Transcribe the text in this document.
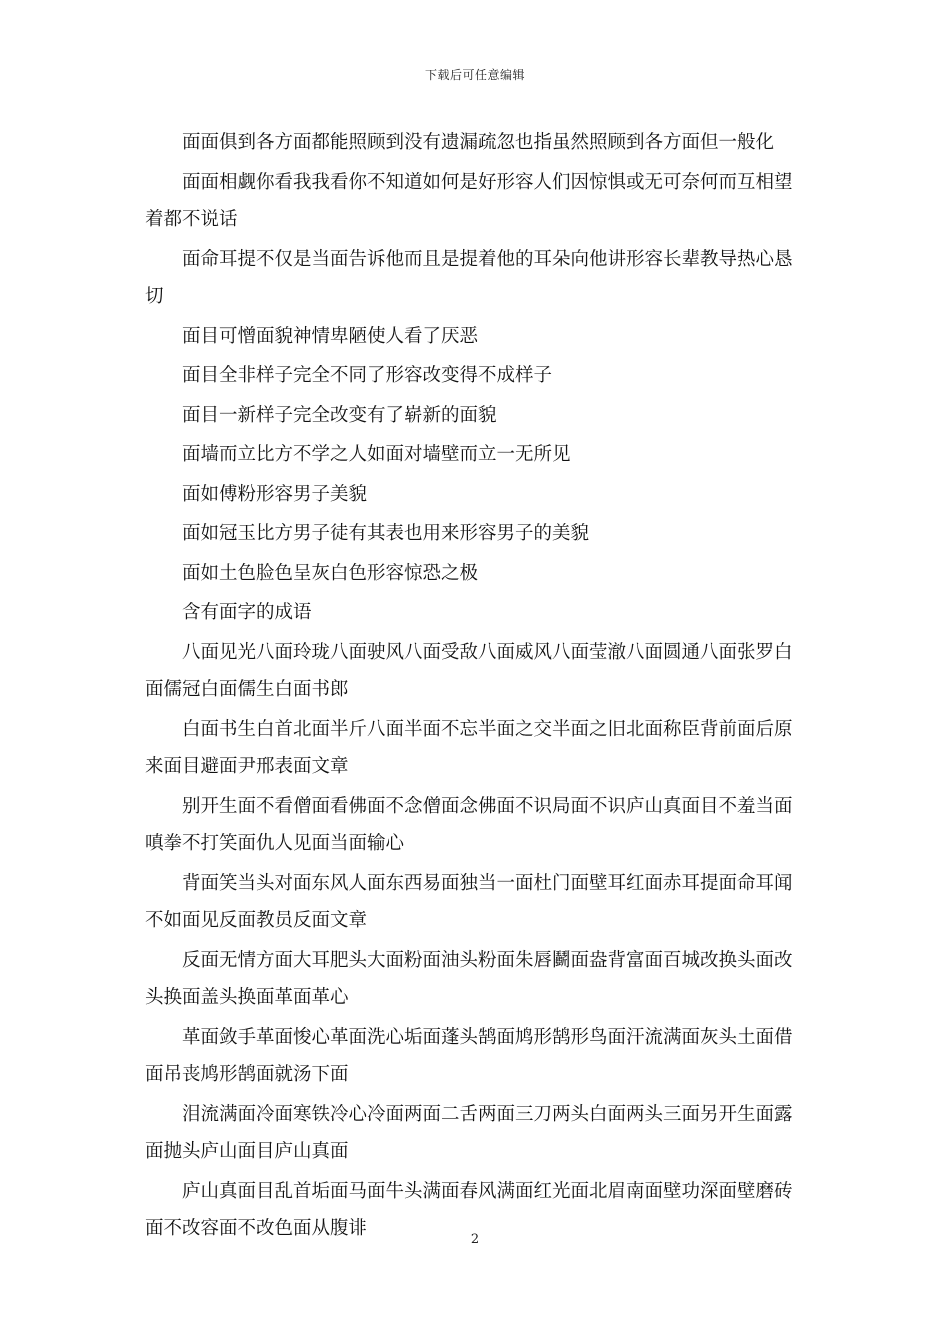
下载后可任意编辑

面面俱到各方面都能照顾到没有遗漏疏忽也指虽然照顾到各方面但一般化

面面相觑你看我我看你不知道如何是好形容人们因惊惧或无可奈何而互相望着都不说话

面命耳提不仅是当面告诉他而且是提着他的耳朵向他讲形容长辈教导热心恳切

面目可憎面貌神情卑陋使人看了厌恶

面目全非样子完全不同了形容改变得不成样子

面目一新样子完全改变有了崭新的面貌

面墙而立比方不学之人如面对墙壁而立一无所见

面如傅粉形容男子美貌

面如冠玉比方男子徒有其表也用来形容男子的美貌

面如土色脸色呈灰白色形容惊恐之极

含有面字的成语

八面见光八面玲珑八面驶风八面受敌八面威风八面莹澈八面圆通八面张罗白面儒冠白面儒生白面书郎

白面书生白首北面半斤八面半面不忘半面之交半面之旧北面称臣背前面后原来面目避面尹邢表面文章

别开生面不看僧面看佛面不念僧面念佛面不识局面不识庐山真面目不羞当面嗔拳不打笑面仇人见面当面输心

背面笑当头对面东风人面东西易面独当一面杜门面壁耳红面赤耳提面命耳闻不如面见反面教员反面文章

反面无情方面大耳肥头大面粉面油头粉面朱唇鬬面盎背富面百城改换头面改头换面盖头换面革面革心

革面敛手革面悛心革面洗心垢面蓬头鹄面鸠形鹄形鸟面汗流满面灰头土面借面吊丧鸠形鹄面就汤下面

泪流满面冷面寒铁冷心冷面两面二舌两面三刀两头白面两头三面另开生面露面抛头庐山面目庐山真面

庐山真面目乱首垢面马面牛头满面春风满面红光面北眉南面壁功深面壁磨砖面不改容面不改色面从腹诽

2
